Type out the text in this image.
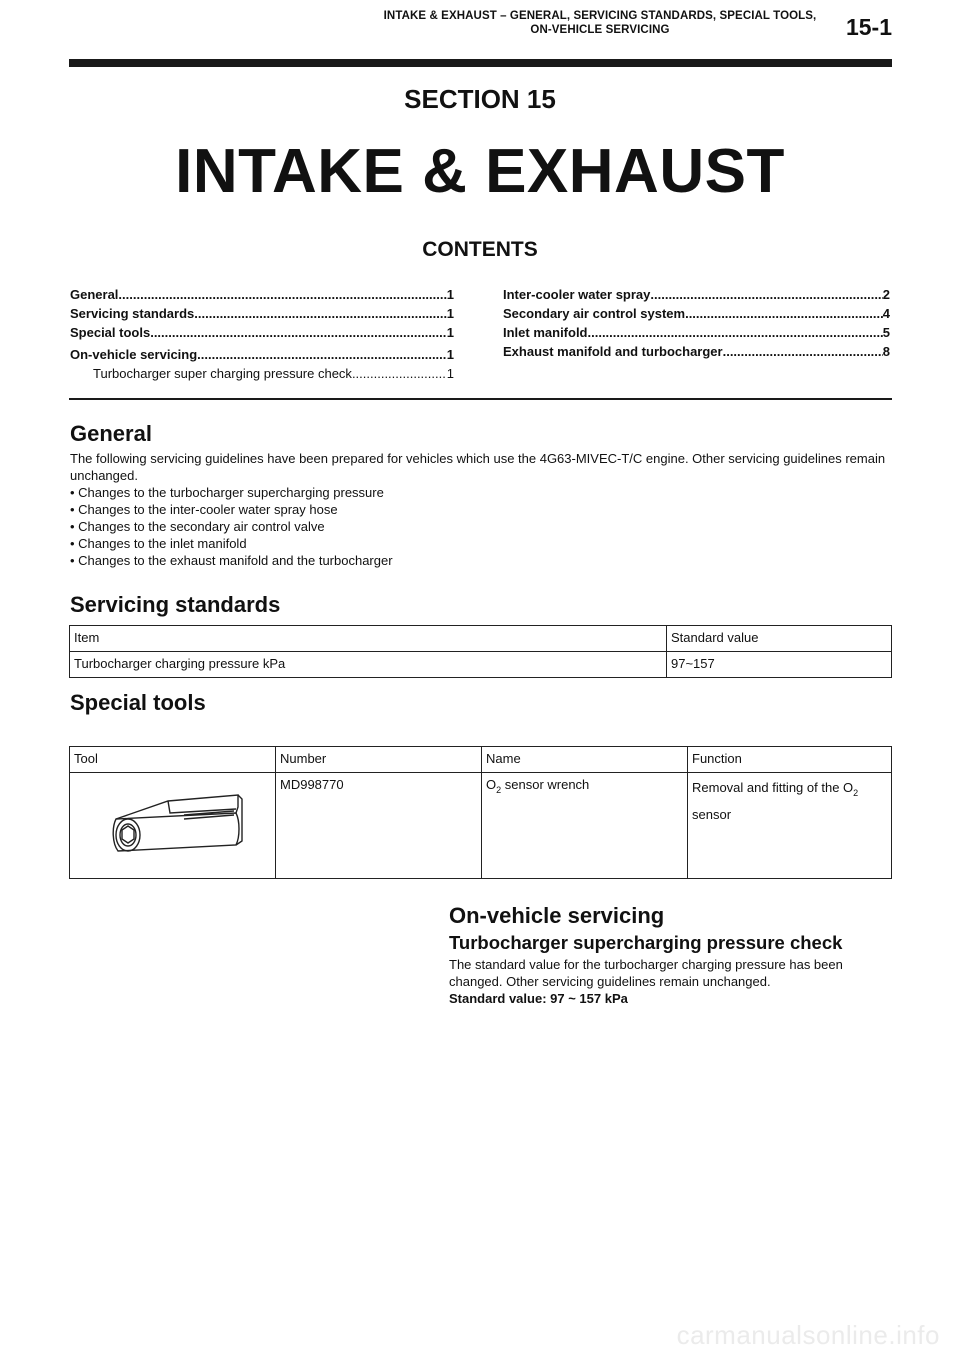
INTAKE & EXHAUST – GENERAL, SERVICING STANDARDS, SPECIAL TOOLS,
ON-VEHICLE SERVICING	15-1
SECTION 15
INTAKE & EXHAUST
CONTENTS
General .....	1
Servicing standards .....	1
Special tools .....	1
On-vehicle servicing .....	1
Turbocharger super charging pressure check .....	1
Inter-cooler water spray .....	2
Secondary air control system .....	4
Inlet manifold .....	5
Exhaust manifold and turbocharger .....	8
General

The following servicing guidelines have been prepared for vehicles which use the 4G63-MIVEC-T/C engine. Other servicing guidelines remain unchanged.

• Changes to the turbocharger supercharging pressure

• Changes to the inter-cooler water spray hose

• Changes to the secondary air control valve

• Changes to the inlet manifold

• Changes to the exhaust manifold and the turbocharger

Servicing standards
Item	Standard value
Turbocharger charging pressure kPa	97~157
Special tools
Tool	Number	Name	Function
	MD998770	$O_2$ sensor wrench	Removal and fitting of the $O_2$
sensor
On-vehicle servicing
Turbocharger supercharging pressure check

The standard value for the turbocharger charging pressure has been changed. Other servicing guidelines remain unchanged.

Standard value: 97 ~ 157 kPa

carmanualsonline.info
